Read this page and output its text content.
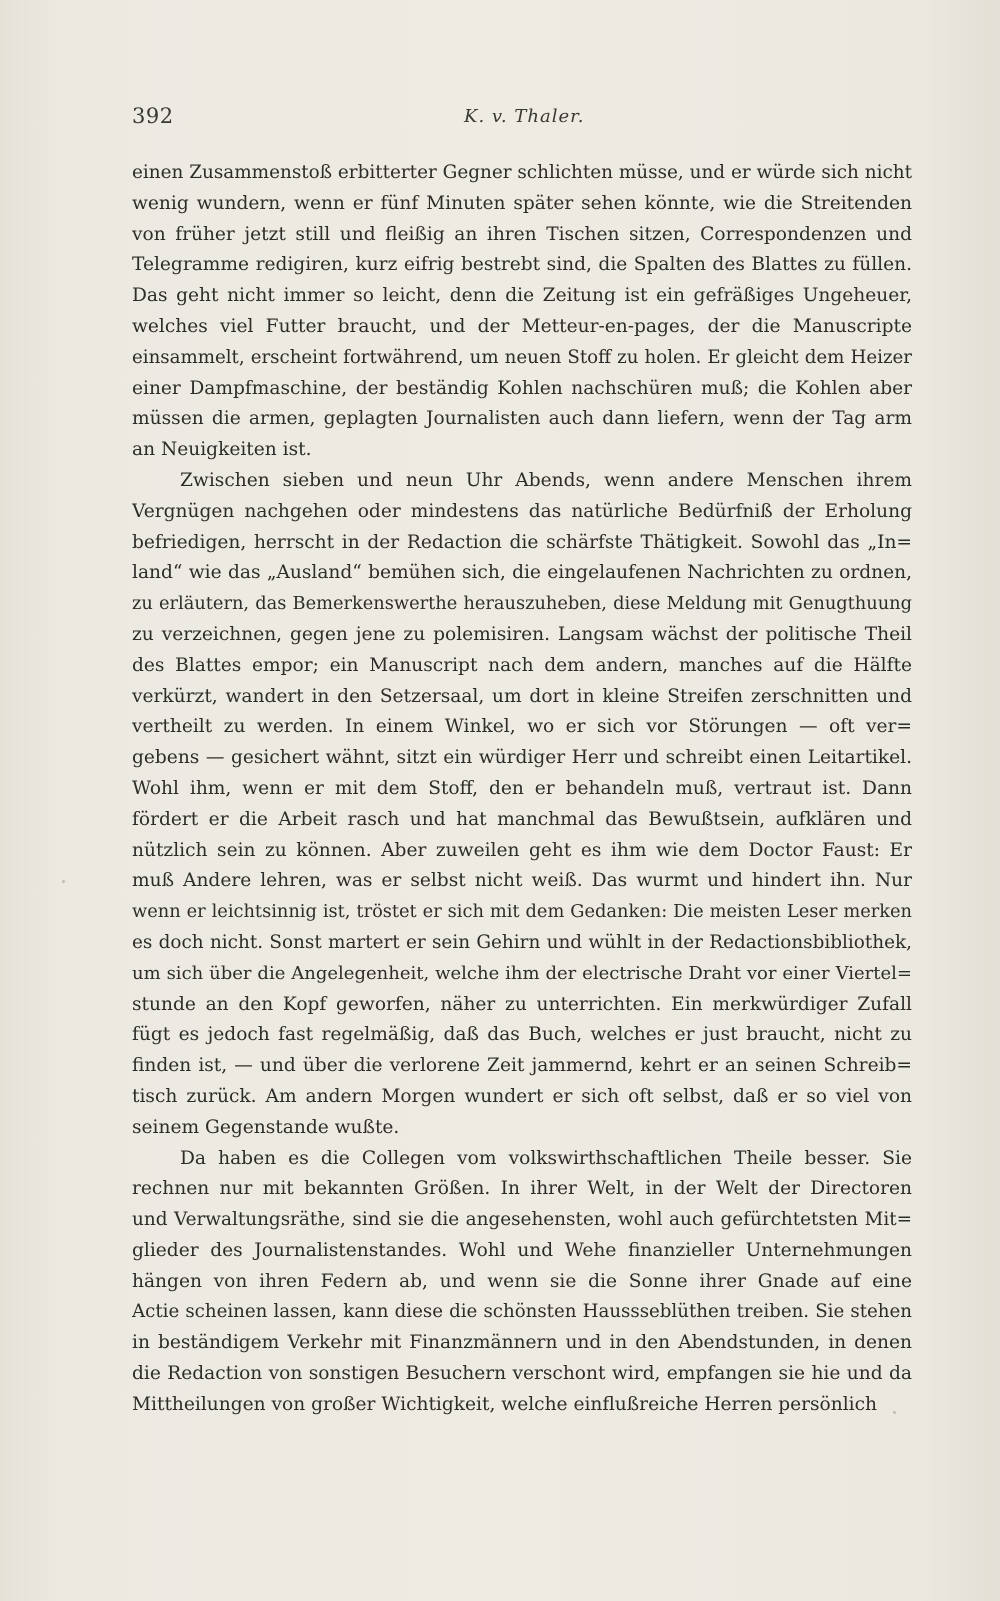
392	K. v. Thaler.
einen Zusammenstoß erbitterter Gegner schlichten müsse, und er würde sich nicht
wenig wundern, wenn er fünf Minuten später sehen könnte, wie die Streitenden
von früher jetzt still und fleißig an ihren Tischen sitzen, Correspondenzen und
Telegramme redigiren, kurz eifrig bestrebt sind, die Spalten des Blattes zu füllen.
Das geht nicht immer so leicht, denn die Zeitung ist ein gefräßiges Ungeheuer,
welches viel Futter braucht, und der Metteur-en-pages, der die Manuscripte
einsammelt, erscheint fortwährend, um neuen Stoff zu holen. Er gleicht dem Heizer
einer Dampfmaschine, der beständig Kohlen nachschüren muß; die Kohlen aber
müssen die armen, geplagten Journalisten auch dann liefern, wenn der Tag arm
an Neuigkeiten ist.
Zwischen sieben und neun Uhr Abends, wenn andere Menschen ihrem
Vergnügen nachgehen oder mindestens das natürliche Bedürfniß der Erholung
befriedigen, herrscht in der Redaction die schärfste Thätigkeit. Sowohl das „In=
land“ wie das „Ausland“ bemühen sich, die eingelaufenen Nachrichten zu ordnen,
zu erläutern, das Bemerkenswerthe herauszuheben, diese Meldung mit Genugthuung
zu verzeichnen, gegen jene zu polemisiren. Langsam wächst der politische Theil
des Blattes empor; ein Manuscript nach dem andern, manches auf die Hälfte
verkürzt, wandert in den Setzersaal, um dort in kleine Streifen zerschnitten und
vertheilt zu werden. In einem Winkel, wo er sich vor Störungen — oft ver=
gebens — gesichert wähnt, sitzt ein würdiger Herr und schreibt einen Leitartikel.
Wohl ihm, wenn er mit dem Stoff, den er behandeln muß, vertraut ist. Dann
fördert er die Arbeit rasch und hat manchmal das Bewußtsein, aufklären und
nützlich sein zu können. Aber zuweilen geht es ihm wie dem Doctor Faust: Er
muß Andere lehren, was er selbst nicht weiß. Das wurmt und hindert ihn. Nur
wenn er leichtsinnig ist, tröstet er sich mit dem Gedanken: Die meisten Leser merken
es doch nicht. Sonst martert er sein Gehirn und wühlt in der Redactionsbibliothek,
um sich über die Angelegenheit, welche ihm der electrische Draht vor einer Viertel=
stunde an den Kopf geworfen, näher zu unterrichten. Ein merkwürdiger Zufall
fügt es jedoch fast regelmäßig, daß das Buch, welches er just braucht, nicht zu
finden ist, — und über die verlorene Zeit jammernd, kehrt er an seinen Schreib=
tisch zurück. Am andern Morgen wundert er sich oft selbst, daß er so viel von
seinem Gegenstande wußte.
Da haben es die Collegen vom volkswirthschaftlichen Theile besser. Sie
rechnen nur mit bekannten Größen. In ihrer Welt, in der Welt der Directoren
und Verwaltungsräthe, sind sie die angesehensten, wohl auch gefürchtetsten Mit=
glieder des Journalistenstandes. Wohl und Wehe finanzieller Unternehmungen
hängen von ihren Federn ab, und wenn sie die Sonne ihrer Gnade auf eine
Actie scheinen lassen, kann diese die schönsten Haussseblüthen treiben. Sie stehen
in beständigem Verkehr mit Finanzmännern und in den Abendstunden, in denen
die Redaction von sonstigen Besuchern verschont wird, empfangen sie hie und da
Mittheilungen von großer Wichtigkeit, welche einflußreiche Herren persönlich
